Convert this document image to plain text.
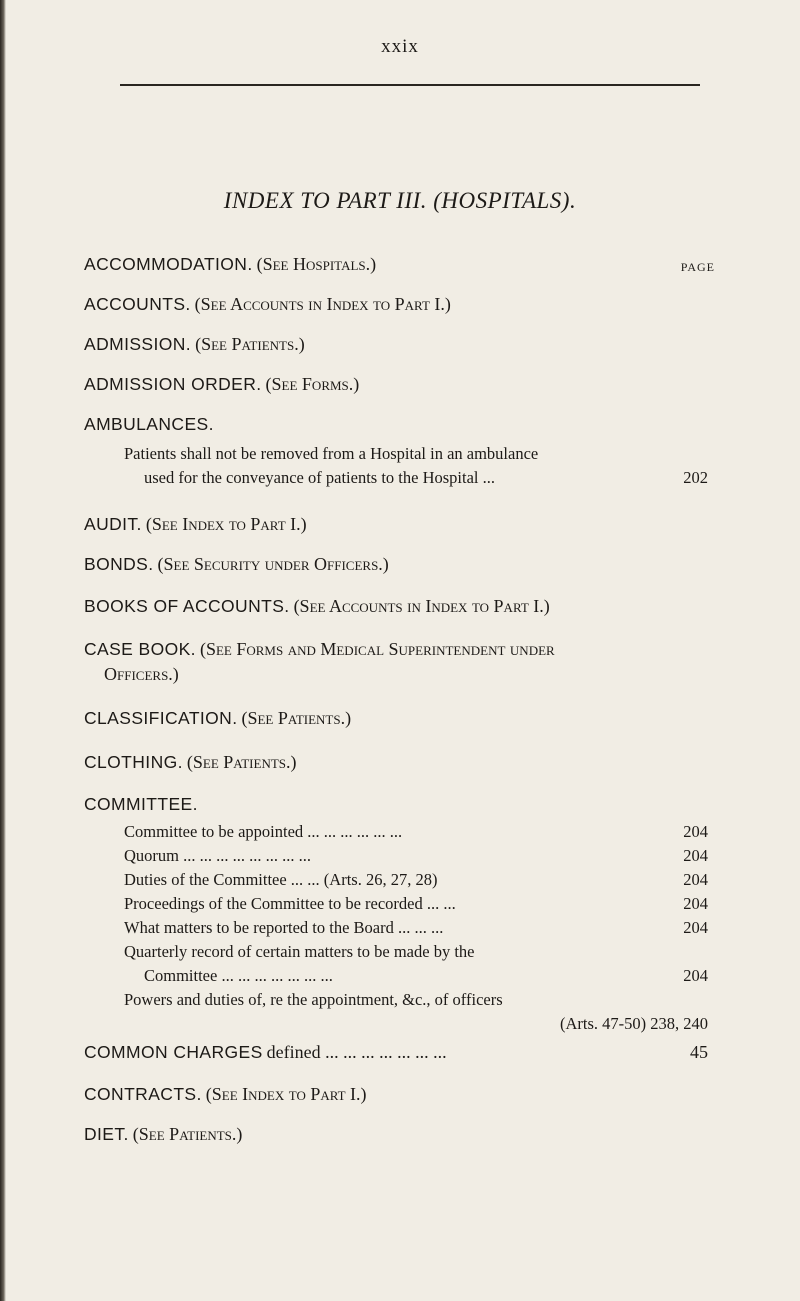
xxix
INDEX TO PART III. (HOSPITALS).
ACCOMMODATION. (See Hospitals.)	PAGE
ACCOUNTS. (See Accounts in Index to Part I.)
ADMISSION. (See Patients.)
ADMISSION ORDER. (See Forms.)
AMBULANCES.
Patients shall not be removed from a Hospital in an ambulance
used for the conveyance of patients to the Hospital ...	202
AUDIT. (See Index to Part I.)
BONDS. (See Security under Officers.)
BOOKS OF ACCOUNTS. (See Accounts in Index to Part I.)
CASE BOOK. (See Forms and Medical Superintendent under
Officers.)
CLASSIFICATION. (See Patients.)
CLOTHING. (See Patients.)
COMMITTEE.
Committee to be appointed ... ... ... ... ... ...	204
Quorum ... ... ... ... ... ... ... ...	204
Duties of the Committee ... ... (Arts. 26, 27, 28)	204
Proceedings of the Committee to be recorded ... ...	204
What matters to be reported to the Board ... ... ...	204
Quarterly record of certain matters to be made by the
Committee ... ... ... ... ... ... ...	204
Powers and duties of, re the appointment, &c., of officers
(Arts. 47-50) 238, 240
COMMON CHARGES defined ... ... ... ... ... ... ...	45
CONTRACTS. (See Index to Part I.)
DIET. (See Patients.)
